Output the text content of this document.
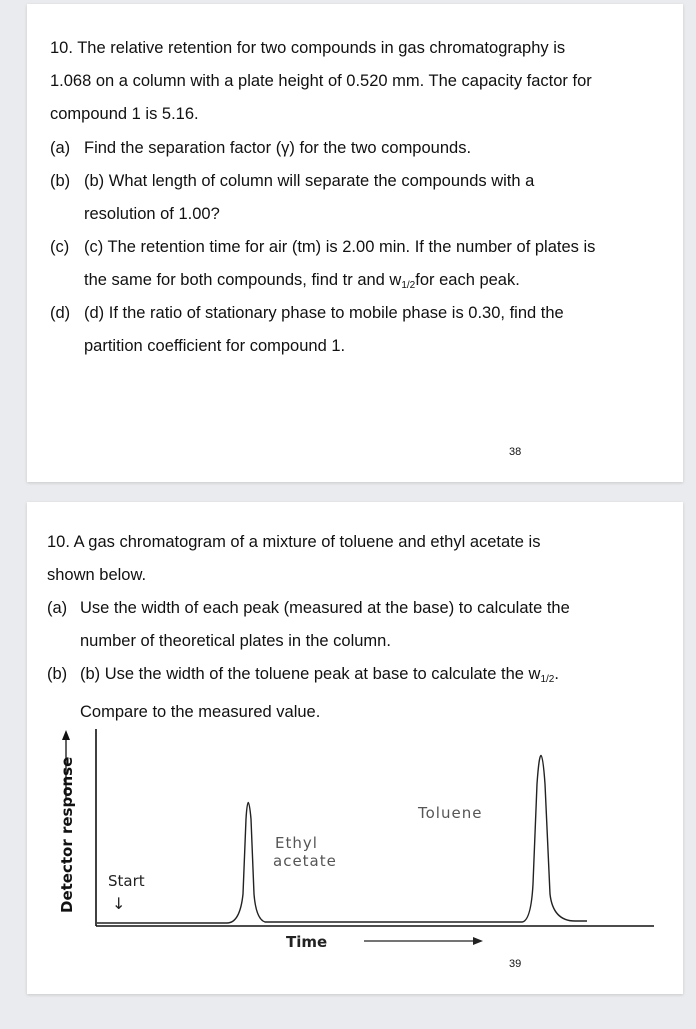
10. The relative retention for two compounds in gas chromatography is
1.068 on a column with a plate height of 0.520 mm. The capacity factor for
compound 1 is 5.16.
(a) Find the separation factor (γ) for the two compounds.
(b) (b) What length of column will separate the compounds with a
resolution of 1.00?
(c) (c) The retention time for air (tm) is 2.00 min. If the number of plates is
the same for both compounds, find tr and $w_{1/2}for$ each peak.
(d) (d) If the ratio of stationary phase to mobile phase is 0.30, find the
partition coefficient for compound 1.
38
10. A gas chromatogram of a mixture of toluene and ethyl acetate is
shown below.
(a) Use the width of each peak (measured at the base) to calculate the
number of theoretical plates in the column.
(b) (b) Use the width of the toluene peak at base to calculate the $w_{1/2}$.
Compare to the measured value.
Detector response Start
↓
Ethyl
acetate
Toluene
Time
39
